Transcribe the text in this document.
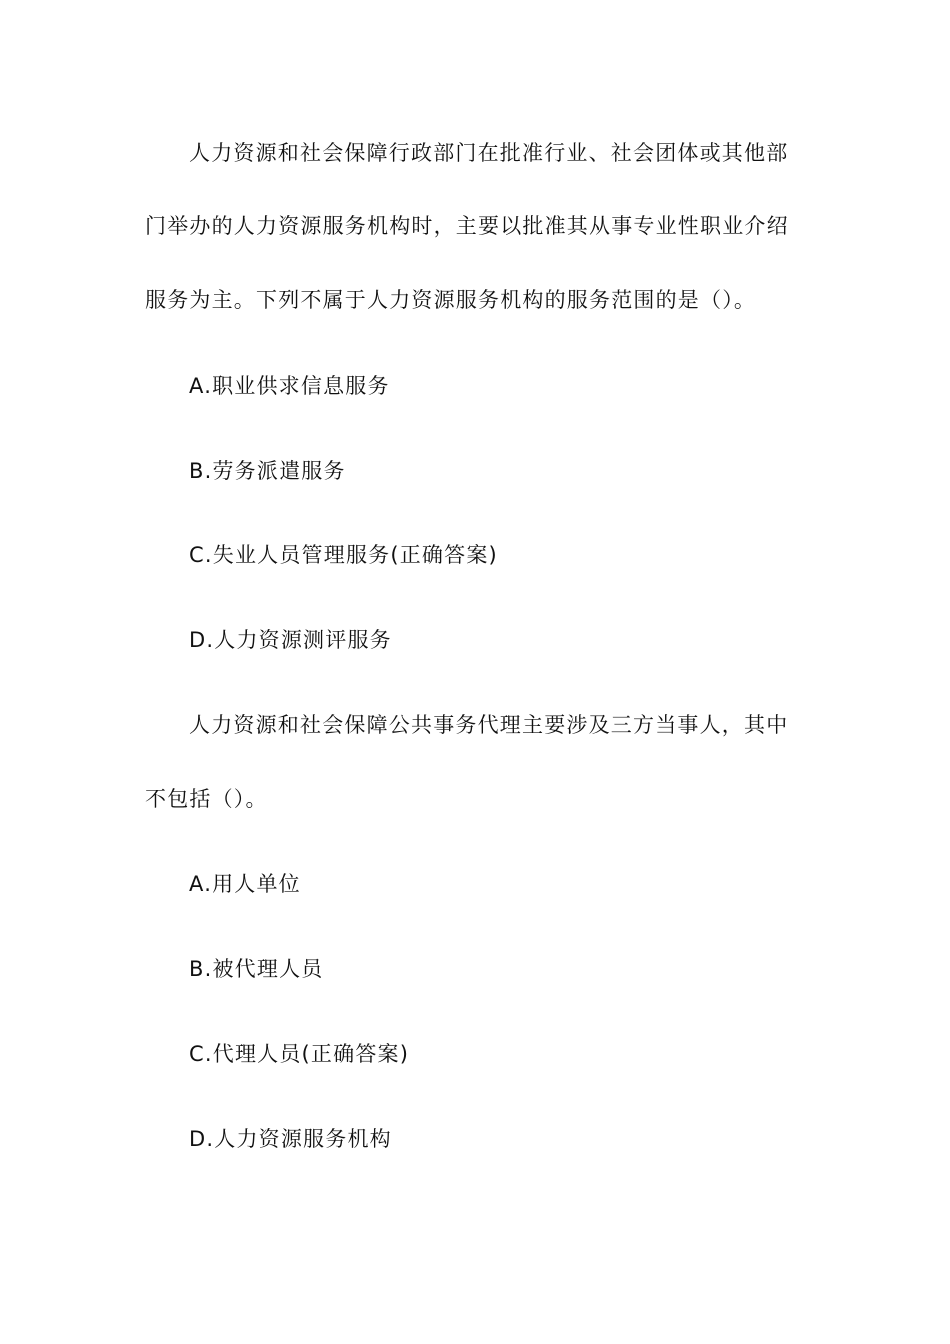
人力资源和社会保障行政部门在批准行业、社会团体或其他部

门举办的人力资源服务机构时，主要以批准其从事专业性职业介绍

服务为主。下列不属于人力资源服务机构的服务范围的是（）。

A.职业供求信息服务

B.劳务派遣服务

C.失业人员管理服务(正确答案)

D.人力资源测评服务

人力资源和社会保障公共事务代理主要涉及三方当事人，其中

不包括（）。

A.用人单位

B.被代理人员

C.代理人员(正确答案)

D.人力资源服务机构
